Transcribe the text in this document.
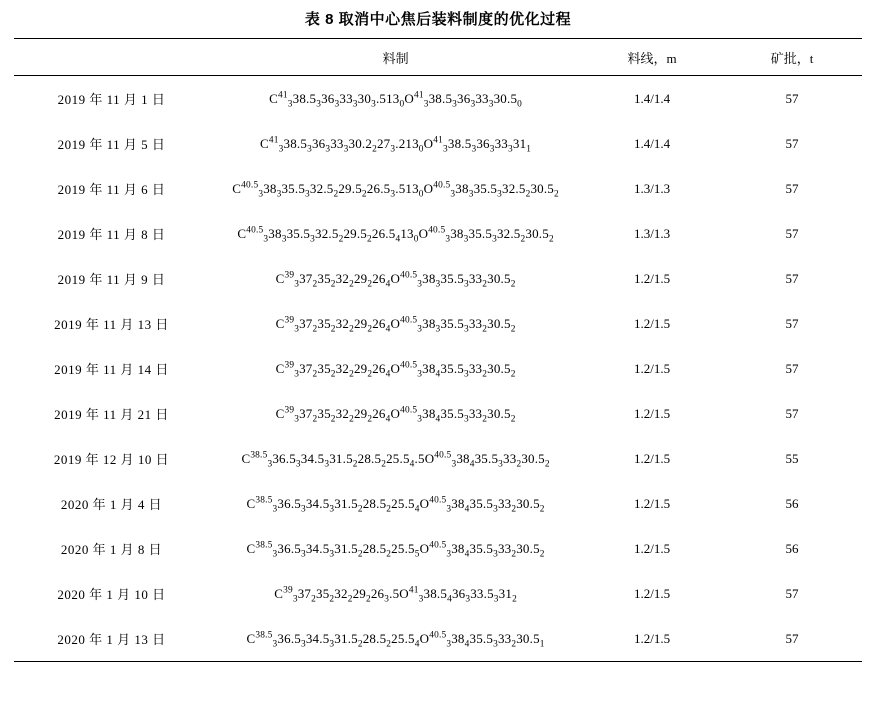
表 8 取消中心焦后装料制度的优化过程
	料制	料线，m	矿批，t
2019 年 11 月 1 日	$C^{41}_338.5_336_333_330_3.513_0O^{41}_338.5_336_333_330.5_0$	1.4/1.4	57
2019 年 11 月 5 日	$C^{41}_338.5_336_333_330.2_227_3.213_0O^{41}_338.5_336_333_331_1$	1.4/1.4	57
2019 年 11 月 6 日	$C^{40.5}_338_335.5_332.5_229.5_226.5_3.513_0O^{40.5}_338_335.5_332.5_230.5_2$	1.3/1.3	57
2019 年 11 月 8 日	$C^{40.5}_338_335.5_332.5_229.5_226.5_413_0O^{40.5}_338_335.5_332.5_230.5_2$	1.3/1.3	57
2019 年 11 月 9 日	$C^{39}_337_235_232_229_226_4O^{40.5}_338_335.5_333_230.5_2$	1.2/1.5	57
2019 年 11 月 13 日	$C^{39}_337_235_232_229_226_4O^{40.5}_338_335.5_333_230.5_2$	1.2/1.5	57
2019 年 11 月 14 日	$C^{39}_337_235_232_229_226_4O^{40.5}_338_435.5_333_230.5_2$	1.2/1.5	57
2019 年 11 月 21 日	$C^{39}_337_235_232_229_226_4O^{40.5}_338_435.5_333_230.5_2$	1.2/1.5	57
2019 年 12 月 10 日	$C^{38.5}_336.5_334.5_331.5_228.5_225.5_4.5O^{40.5}_338_435.5_333_230.5_2$	1.2/1.5	55
2020 年 1 月 4 日	$C^{38.5}_336.5_334.5_331.5_228.5_225.5_4O^{40.5}_338_435.5_333_230.5_2$	1.2/1.5	56
2020 年 1 月 8 日	$C^{38.5}_336.5_334.5_331.5_228.5_225.5_5O^{40.5}_338_435.5_333_230.5_2$	1.2/1.5	56
2020 年 1 月 10 日	$C^{39}_337_235_232_229_226_3.5O^{41}_338.5_436_333.5_331_2$	1.2/1.5	57
2020 年 1 月 13 日	$C^{38.5}_336.5_334.5_331.5_228.5_225.5_4O^{40.5}_338_435.5_333_230.5_1$	1.2/1.5	57
